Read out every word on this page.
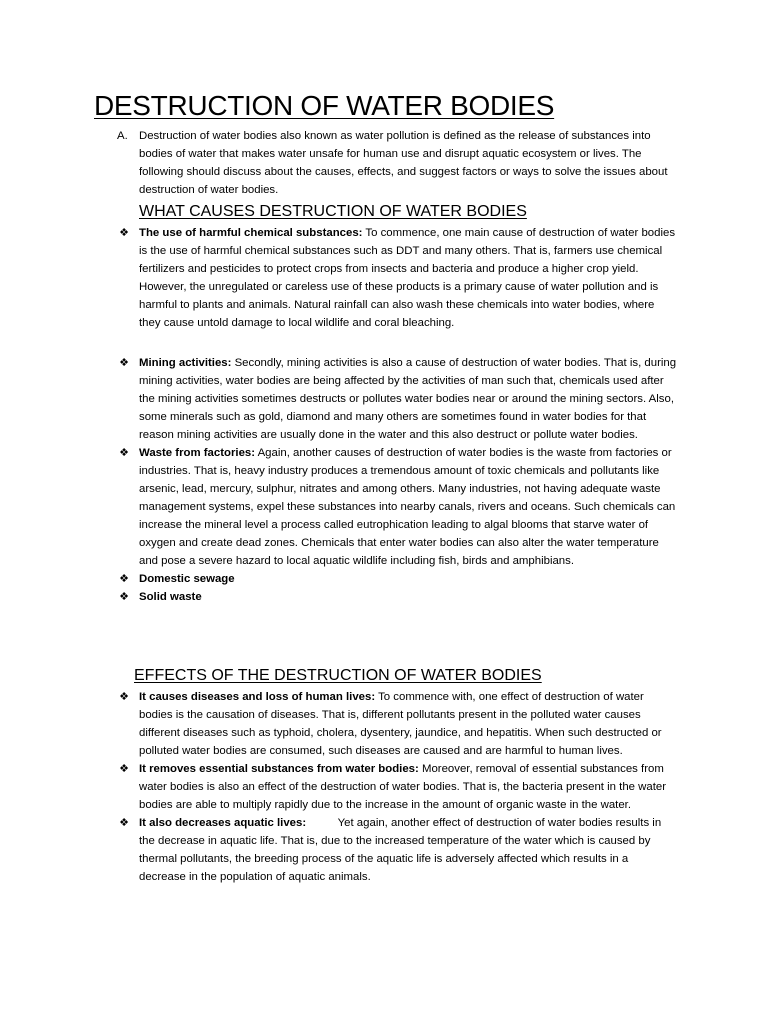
DESTRUCTION OF WATER BODIES
A. Destruction of water bodies also known as water pollution is defined as the release of substances into bodies of water that makes water unsafe for human use and disrupt aquatic ecosystem or lives. The following should discuss about the causes, effects, and suggest factors or ways to solve the issues about destruction of water bodies.
WHAT CAUSES DESTRUCTION OF WATER BODIES
❖ The use of harmful chemical substances: To commence, one main cause of destruction of water bodies is the use of harmful chemical substances such as DDT and many others. That is, farmers use chemical fertilizers and pesticides to protect crops from insects and bacteria and produce a higher crop yield. However, the unregulated or careless use of these products is a primary cause of water pollution and is harmful to plants and animals. Natural rainfall can also wash these chemicals into water bodies, where they cause untold damage to local wildlife and coral bleaching.
❖ Mining activities: Secondly, mining activities is also a cause of destruction of water bodies. That is, during mining activities, water bodies are being affected by the activities of man such that, chemicals used after the mining activities sometimes destructs or pollutes water bodies near or around the mining sectors. Also, some minerals such as gold, diamond and many others are sometimes found in water bodies for that reason mining activities are usually done in the water and this also destruct or pollute water bodies.
❖ Waste from factories: Again, another causes of destruction of water bodies is the waste from factories or industries. That is, heavy industry produces a tremendous amount of toxic chemicals and pollutants like arsenic, lead, mercury, sulphur, nitrates and among others. Many industries, not having adequate waste management systems, expel these substances into nearby canals, rivers and oceans. Such chemicals can increase the mineral level a process called eutrophication leading to algal blooms that starve water of oxygen and create dead zones. Chemicals that enter water bodies can also alter the water temperature and pose a severe hazard to local aquatic wildlife including fish, birds and amphibians.
❖ Domestic sewage
❖ Solid waste
EFFECTS OF THE DESTRUCTION OF WATER BODIES
❖ It causes diseases and loss of human lives: To commence with, one effect of destruction of water bodies is the causation of diseases. That is, different pollutants present in the polluted water causes different diseases such as typhoid, cholera, dysentery, jaundice, and hepatitis. When such destructed or polluted water bodies are consumed, such diseases are caused and are harmful to human lives.
❖ It removes essential substances from water bodies: Moreover, removal of essential substances from water bodies is also an effect of the destruction of water bodies. That is, the bacteria present in the water bodies are able to multiply rapidly due to the increase in the amount of organic waste in the water.
❖ It also decreases aquatic lives:          Yet again, another effect of destruction of water bodies results in the decrease in aquatic life. That is, due to the increased temperature of the water which is caused by thermal pollutants, the breeding process of the aquatic life is adversely affected which results in a decrease in the population of aquatic animals.
